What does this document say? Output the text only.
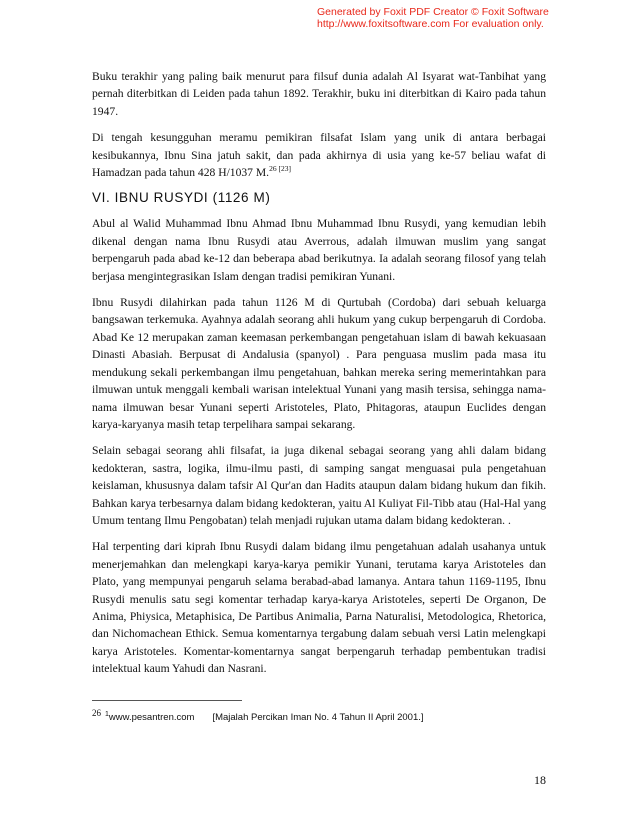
Generated by Foxit PDF Creator © Foxit Software
http://www.foxitsoftware.com For evaluation only.

Buku terakhir yang paling baik menurut para filsuf dunia adalah Al Isyarat wat-Tanbihat yang pernah diterbitkan di Leiden pada tahun 1892. Terakhir, buku ini diterbitkan di Kairo pada tahun 1947.

Di tengah kesungguhan meramu pemikiran filsafat Islam yang unik di antara berbagai kesibukannya, Ibnu Sina jatuh sakit, dan pada akhirnya di usia yang ke-57 beliau wafat di Hamadzan pada tahun 428 H/1037 M.$^{26 [23]}$

VI. IBNU RUSYDI (1126 M)

Abul al Walid Muhammad Ibnu Ahmad Ibnu Muhammad Ibnu Rusydi, yang kemudian lebih dikenal dengan nama Ibnu Rusydi atau Averrous, adalah ilmuwan muslim yang sangat berpengaruh pada abad ke-12 dan beberapa abad berikutnya. Ia adalah seorang filosof yang telah berjasa mengintegrasikan Islam dengan tradisi pemikiran Yunani.

Ibnu Rusydi dilahirkan pada tahun 1126 M di Qurtubah (Cordoba) dari sebuah keluarga bangsawan terkemuka. Ayahnya adalah seorang ahli hukum yang cukup berpengaruh di Cordoba. Abad Ke 12 merupakan zaman keemasan perkembangan pengetahuan islam di bawah kekuasaan Dinasti Abasiah. Berpusat di Andalusia (spanyol) . Para penguasa muslim pada masa itu mendukung sekali perkembangan ilmu pengetahuan, bahkan mereka sering memerintahkan para ilmuwan untuk menggali kembali warisan intelektual Yunani yang masih tersisa, sehingga nama-nama ilmuwan besar Yunani seperti Aristoteles, Plato, Phitagoras, ataupun Euclides dengan karya-karyanya masih tetap terpelihara sampai sekarang.

Selain sebagai seorang ahli filsafat, ia juga dikenal sebagai seorang yang ahli dalam bidang kedokteran, sastra, logika, ilmu-ilmu pasti, di samping sangat menguasai pula pengetahuan keislaman, khususnya dalam tafsir Al Qur'an dan Hadits ataupun dalam bidang hukum dan fikih. Bahkan karya terbesarnya dalam bidang kedokteran, yaitu Al Kuliyat Fil-Tibb atau (Hal-Hal yang Umum tentang Ilmu Pengobatan) telah menjadi rujukan utama dalam bidang kedokteran. .

Hal terpenting dari kiprah Ibnu Rusydi dalam bidang ilmu pengetahuan adalah usahanya untuk menerjemahkan dan melengkapi karya-karya pemikir Yunani, terutama karya Aristoteles dan Plato, yang mempunyai pengaruh selama berabad-abad lamanya. Antara tahun 1169-1195, Ibnu Rusydi menulis satu segi komentar terhadap karya-karya Aristoteles, seperti De Organon, De Anima, Phiysica, Metaphisica, De Partibus Animalia, Parna Naturalisi, Metodologica, Rhetorica, dan Nichomachean Ethick. Semua komentarnya tergabung dalam sebuah versi Latin melengkapi karya Aristoteles. Komentar-komentarnya sangat berpengaruh terhadap pembentukan tradisi intelektual kaum Yahudi dan Nasrani.

26 $^1$www.pesantren.com [Majalah Percikan Iman No. 4 Tahun II April 2001.]
18
